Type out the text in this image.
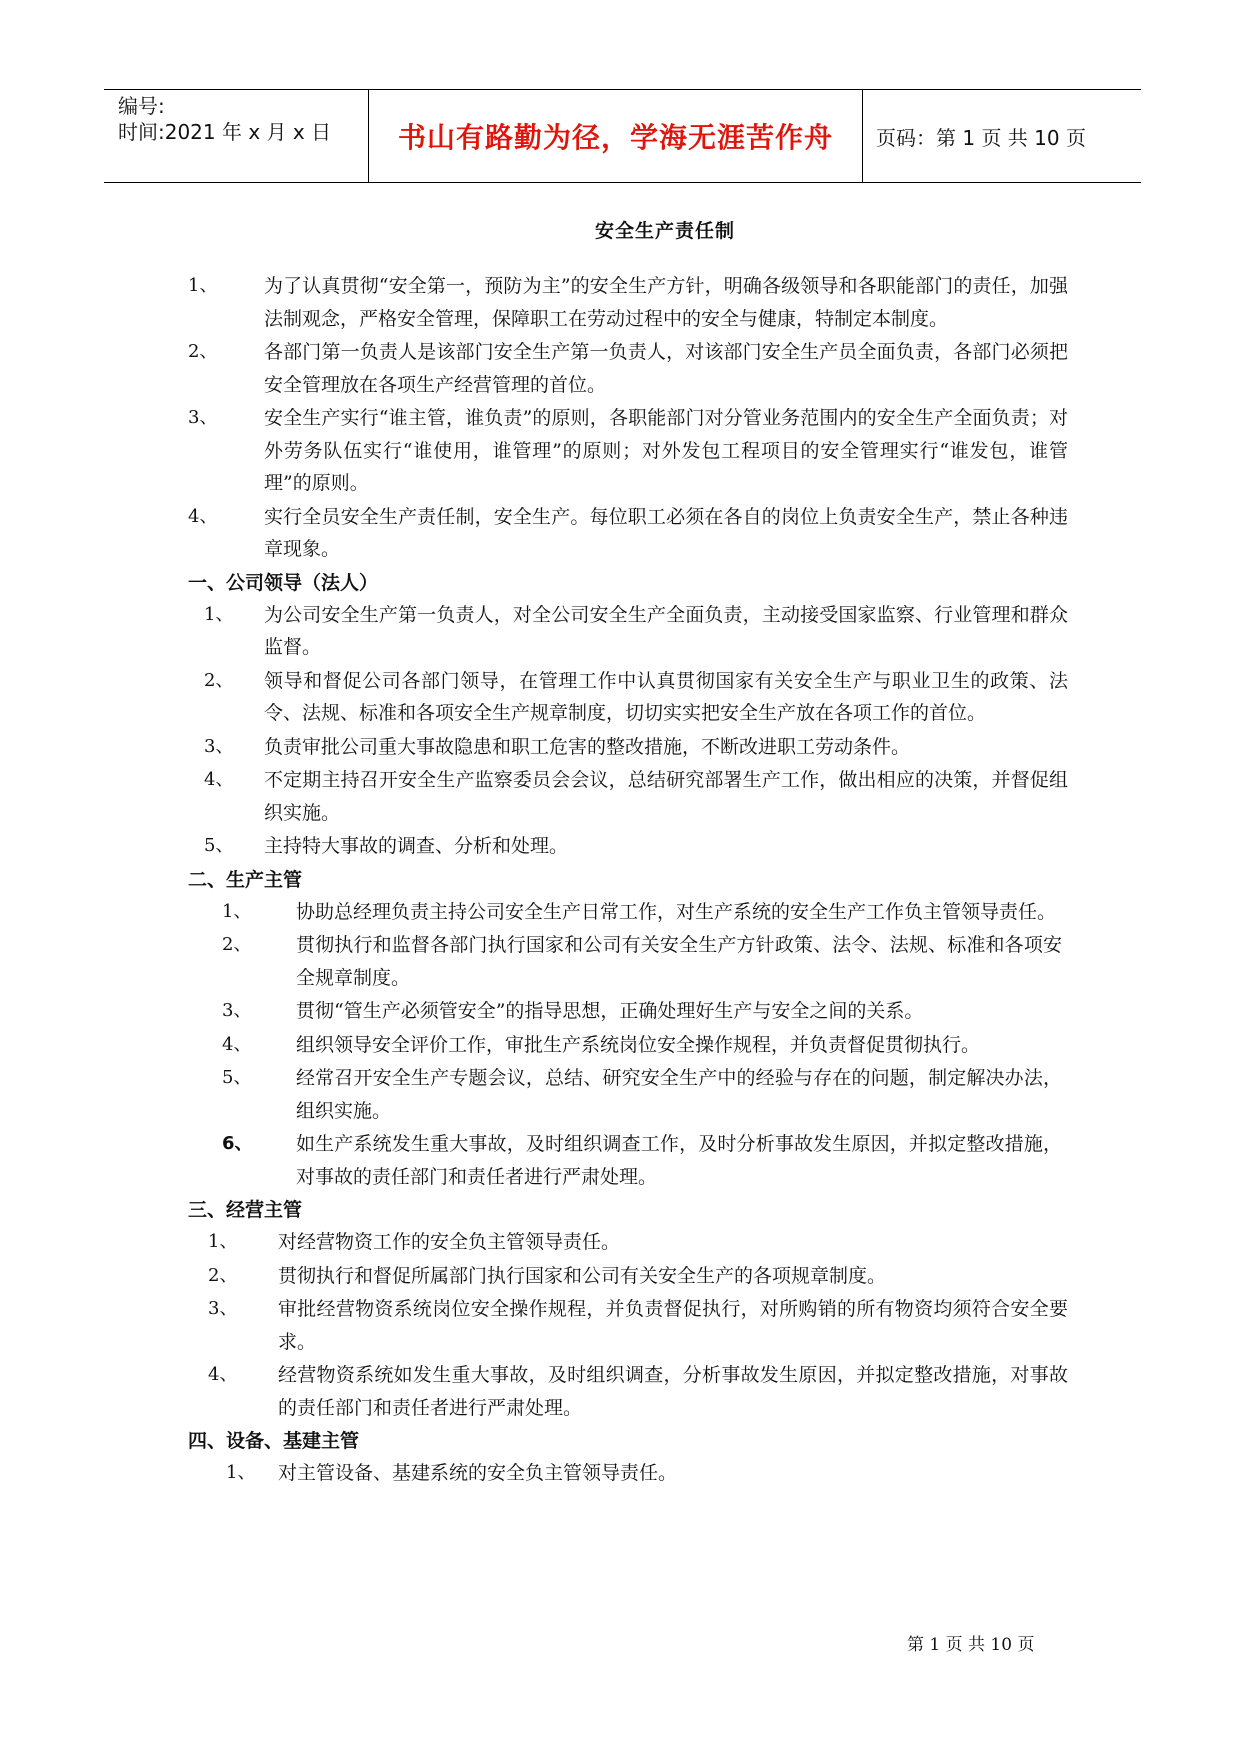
编号:
时间:2021 年 x 月 x 日 书山有路勤为径，学海无涯苦作舟 页码：第 1 页 共 10 页
安全生产责任制
1、 为了认真贯彻“安全第一，预防为主”的安全生产方针，明确各级领导和各职能部门的责任，加强法制观念，严格安全管理，保障职工在劳动过程中的安全与健康，特制定本制度。
2、 各部门第一负责人是该部门安全生产第一负责人，对该部门安全生产员全面负责，各部门必须把安全管理放在各项生产经营管理的首位。
3、 安全生产实行“谁主管，谁负责”的原则，各职能部门对分管业务范围内的安全生产全面负责；对外劳务队伍实行“谁使用，谁管理”的原则；对外发包工程项目的安全管理实行“谁发包，谁管理”的原则。
4、 实行全员安全生产责任制，安全生产。每位职工必须在各自的岗位上负责安全生产，禁止各种违章现象。
一、公司领导（法人）
1、 为公司安全生产第一负责人，对全公司安全生产全面负责，主动接受国家监察、行业管理和群众监督。
2、 领导和督促公司各部门领导，在管理工作中认真贯彻国家有关安全生产与职业卫生的政策、法令、法规、标准和各项安全生产规章制度，切切实实把安全生产放在各项工作的首位。
3、 负责审批公司重大事故隐患和职工危害的整改措施，不断改进职工劳动条件。
4、 不定期主持召开安全生产监察委员会会议，总结研究部署生产工作，做出相应的决策，并督促组织实施。
5、 主持特大事故的调查、分析和处理。
二、生产主管
1、 协助总经理负责主持公司安全生产日常工作，对生产系统的安全生产工作负主管领导责任。
2、 贯彻执行和监督各部门执行国家和公司有关安全生产方针政策、法令、法规、标准和各项安全规章制度。
3、 贯彻“管生产必须管安全”的指导思想，正确处理好生产与安全之间的关系。
4、 组织领导安全评价工作，审批生产系统岗位安全操作规程，并负责督促贯彻执行。
5、 经常召开安全生产专题会议，总结、研究安全生产中的经验与存在的问题，制定解决办法，组织实施。
6、 如生产系统发生重大事故，及时组织调查工作，及时分析事故发生原因，并拟定整改措施，对事故的责任部门和责任者进行严肃处理。
三、经营主管
1、 对经营物资工作的安全负主管领导责任。
2、 贯彻执行和督促所属部门执行国家和公司有关安全生产的各项规章制度。
3、 审批经营物资系统岗位安全操作规程，并负责督促执行，对所购销的所有物资均须符合安全要求。
4、 经营物资系统如发生重大事故，及时组织调查，分析事故发生原因，并拟定整改措施，对事故的责任部门和责任者进行严肃处理。
四、设备、基建主管
1、 对主管设备、基建系统的安全负主管领导责任。
第 1 页 共 10 页
